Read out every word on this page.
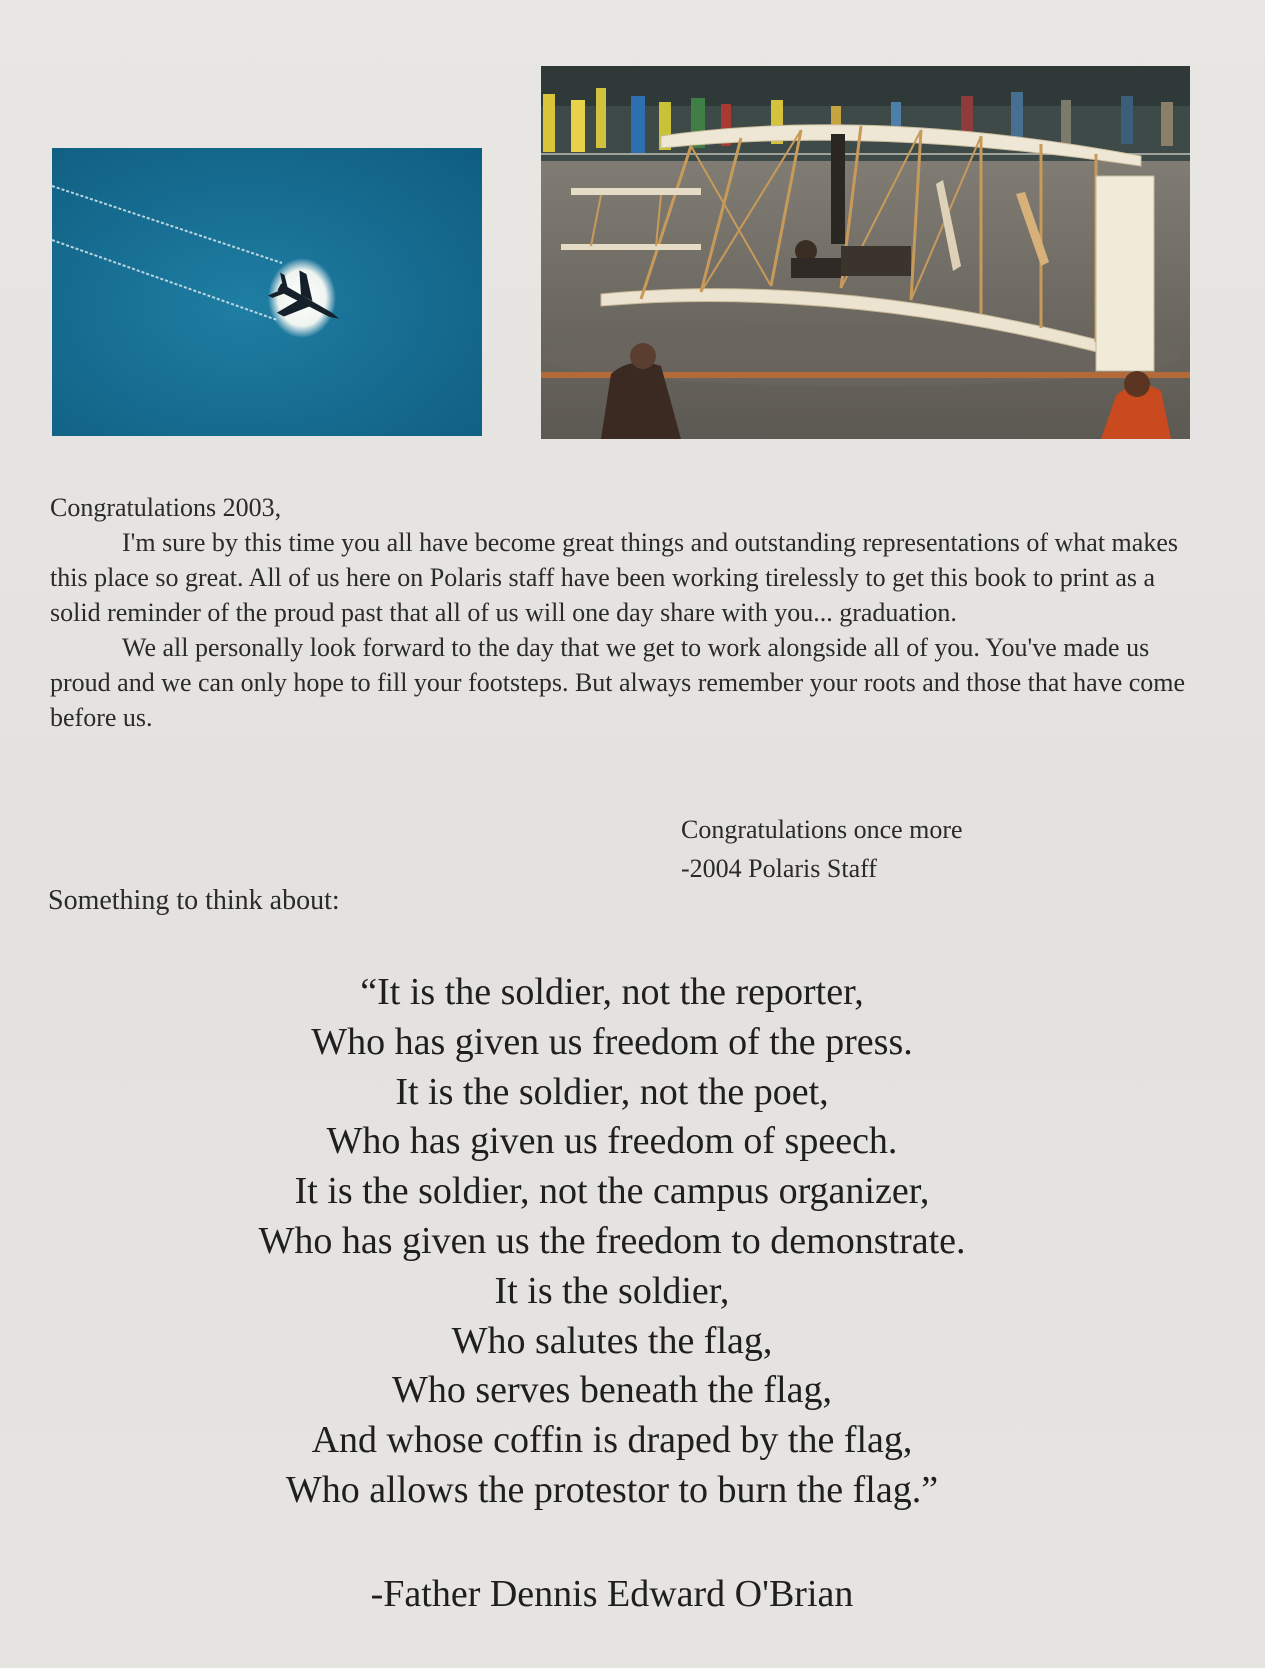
Congratulations 2003,

I'm sure by this time you all have become great things and outstanding representations of what makes this place so great. All of us here on Polaris staff have been working tirelessly to get this book to print as a solid reminder of the proud past that all of us will one day share with you... graduation.

We all personally look forward to the day that we get to work alongside all of you. You've made us proud and we can only hope to fill your footsteps. But always remember your roots and those that have come before us.

Congratulations once more
-2004 Polaris Staff
Something to think about:
“It is the soldier, not the reporter,
Who has given us freedom of the press.
It is the soldier, not the poet,
Who has given us freedom of speech.
It is the soldier, not the campus organizer,
Who has given us the freedom to demonstrate.
It is the soldier,
Who salutes the flag,
Who serves beneath the flag,
And whose coffin is draped by the flag,
Who allows the protestor to burn the flag.”
-Father Dennis Edward O'Brian
